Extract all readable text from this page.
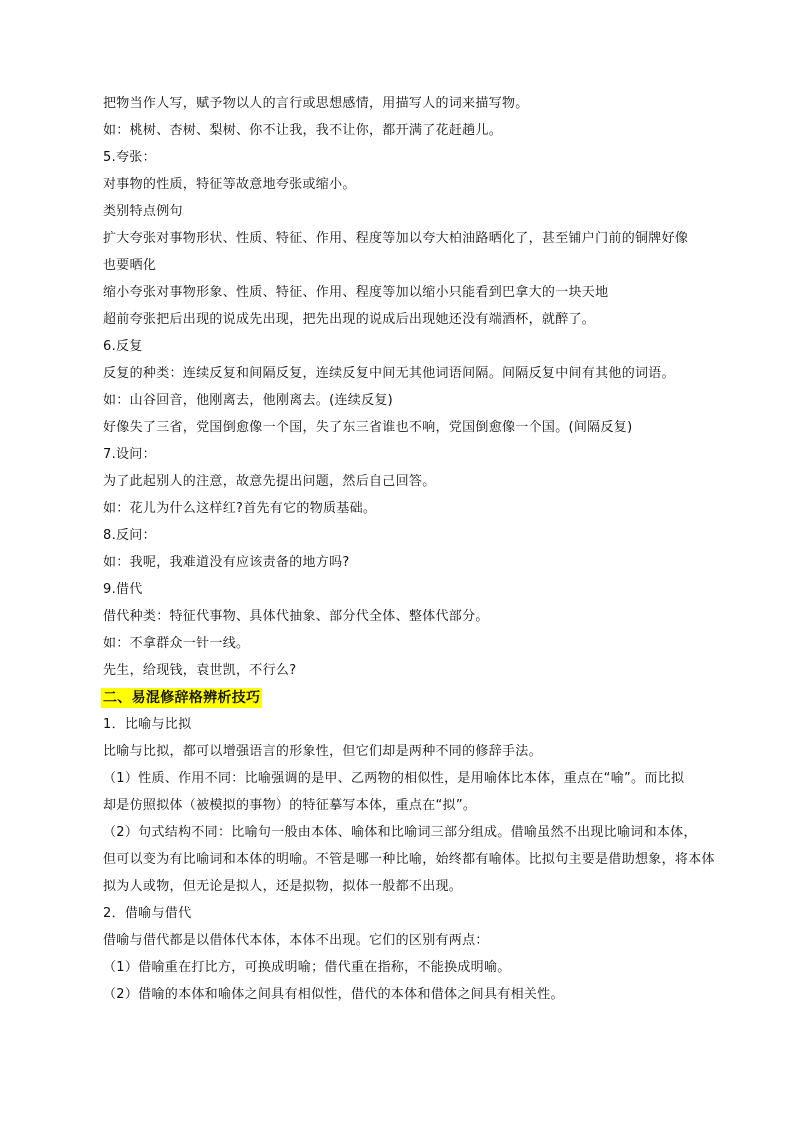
把物当作人写，赋予物以人的言行或思想感情，用描写人的词来描写物。
如：桃树、杏树、梨树、你不让我，我不让你，都开满了花赶趟儿。
5.夸张：
对事物的性质，特征等故意地夸张或缩小。
类别特点例句
扩大夸张对事物形状、性质、特征、作用、程度等加以夸大柏油路晒化了，甚至铺户门前的铜牌好像
也要晒化
缩小夸张对事物形象、性质、特征、作用、程度等加以缩小只能看到巴拿大的一块天地
超前夸张把后出现的说成先出现，把先出现的说成后出现她还没有端酒杯，就醉了。
6.反复
反复的种类：连续反复和间隔反复，连续反复中间无其他词语间隔。间隔反复中间有其他的词语。
如：山谷回音，他刚离去，他刚离去。(连续反复)
好像失了三省，党国倒愈像一个国，失了东三省谁也不响，党国倒愈像一个国。(间隔反复)
7.设问：
为了此起别人的注意，故意先提出问题，然后自己回答。
如：花儿为什么这样红?首先有它的物质基础。
8.反问：
如：我呢，我难道没有应该责备的地方吗?
9.借代
借代种类：特征代事物、具体代抽象、部分代全体、整体代部分。
如：不拿群众一针一线。
先生，给现钱，袁世凯，不行么?
二、易混修辞格辨析技巧
1．比喻与比拟
比喻与比拟，都可以增强语言的形象性，但它们却是两种不同的修辞手法。
（1）性质、作用不同：比喻强调的是甲、乙两物的相似性，是用喻体比本体，重点在“喻”。而比拟
却是仿照拟体（被模拟的事物）的特征摹写本体，重点在“拟”。
（2）句式结构不同：比喻句一般由本体、喻体和比喻词三部分组成。借喻虽然不出现比喻词和本体，
但可以变为有比喻词和本体的明喻。不管是哪一种比喻，始终都有喻体。比拟句主要是借助想象，将本体
拟为人或物，但无论是拟人，还是拟物，拟体一般都不出现。
2．借喻与借代
借喻与借代都是以借体代本体，本体不出现。它们的区别有两点：
（1）借喻重在打比方，可换成明喻；借代重在指称，不能换成明喻。
（2）借喻的本体和喻体之间具有相似性，借代的本体和借体之间具有相关性。
